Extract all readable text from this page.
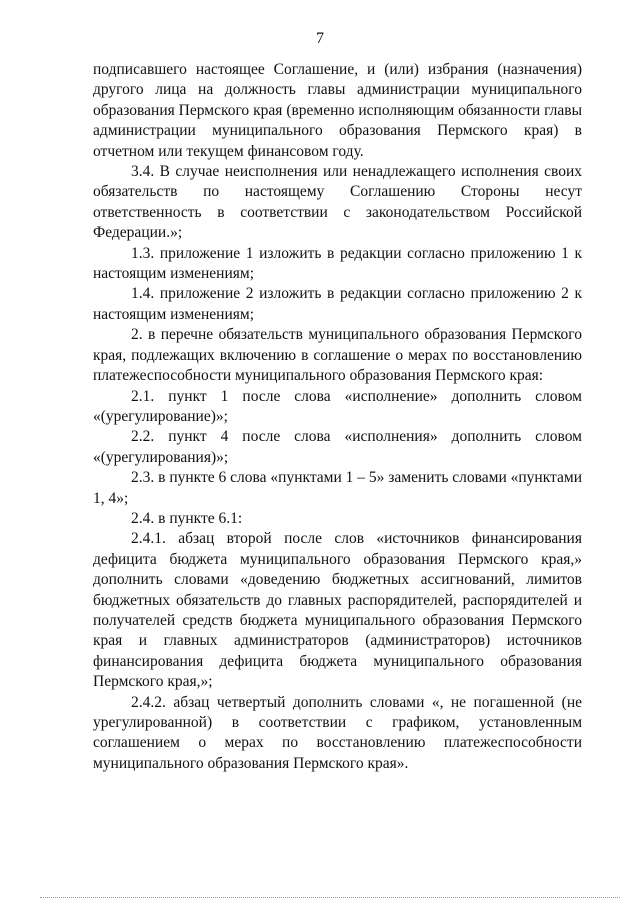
7

подписавшего настоящее Соглашение, и (или) избрания (назначения) другого лица на должность главы администрации муниципального образования Пермского края (временно исполняющим обязанности главы администрации муниципального образования Пермского края) в отчетном или текущем финансовом году.

3.4. В случае неисполнения или ненадлежащего исполнения своих обязательств по настоящему Соглашению Стороны несут ответственность в соответствии с законодательством Российской Федерации.»;

1.3. приложение 1 изложить в редакции согласно приложению 1 к настоящим изменениям;

1.4. приложение 2 изложить в редакции согласно приложению 2 к настоящим изменениям;

2. в перечне обязательств муниципального образования Пермского края, подлежащих включению в соглашение о мерах по восстановлению платежеспособности муниципального образования Пермского края:

2.1. пункт 1 после слова «исполнение» дополнить словом «(урегулирование)»;

2.2. пункт 4 после слова «исполнения» дополнить словом «(урегулирования)»;

2.3. в пункте 6 слова «пунктами 1 – 5» заменить словами «пунктами 1, 4»;

2.4. в пункте 6.1:

2.4.1. абзац второй после слов «источников финансирования дефицита бюджета муниципального образования Пермского края,» дополнить словами «доведению бюджетных ассигнований, лимитов бюджетных обязательств до главных распорядителей, распорядителей и получателей средств бюджета муниципального образования Пермского края и главных администраторов (администраторов) источников финансирования дефицита бюджета муниципального образования Пермского края,»;

2.4.2. абзац четвертый дополнить словами «, не погашенной (не урегулированной) в соответствии с графиком, установленным соглашением о мерах по восстановлению платежеспособности муниципального образования Пермского края».
